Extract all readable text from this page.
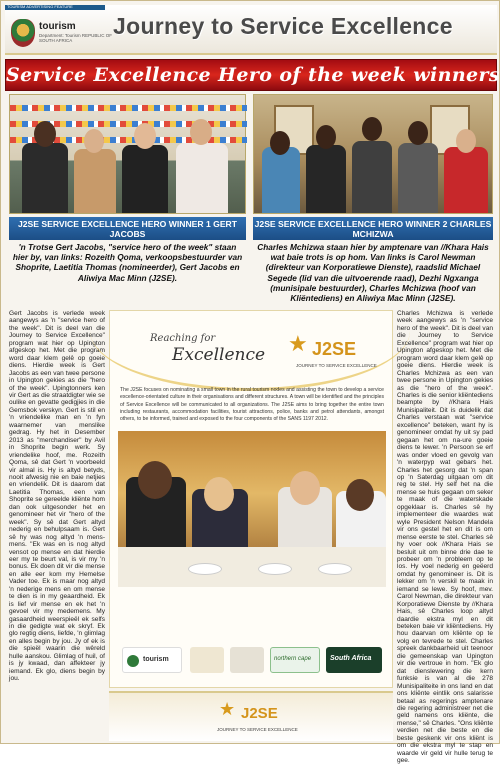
TOURISM ADVERTISING FEATURE
tourism
Department: Tourism REPUBLIC OF SOUTH AFRICA
Journey to Service Excellence
Service Excellence Hero of the week winners
J2SE SERVICE EXCELLENCE HERO WINNER 1 GERT JACOBS
J2SE SERVICE EXCELLENCE HERO WINNER 2 CHARLES MCHIZWA
'n Trotse Gert Jacobs, "service hero of the week" staan hier by, van links: Rozeith Qoma, verkoopsbestuurder van Shoprite, Laetitia Thomas (nomineerder), Gert Jacobs en Aliwiya Mac Minn (J2SE).
Charles Mchizwa staan hier by amptenare van //Khara Hais wat baie trots is op hom. Van links is Carol Newman (direkteur van Korporatiewe Dienste), raadslid Michael Segede (lid van die uitvoerende raad), Dezhi Ngxanga (munisipale bestuurder), Charles Mchizwa (hoof van Kliëntediens) en Aliwiya Mac Minn (J2SE).

Gert Jacobs is verlede week aangewys as 'n "service hero of the week". Dit is deel van die Journey to Service Excellence" program wat hier op Upington afgeskop het. Met die program word daar klem gelê op goeie diens. Hierdie week is Gert Jacobs as een van twee persone in Upington gekies as die "hero of the week". Upingtonners ken vir Gert as die straatdigter wie se oulike en gevatte gedigjies in die Gemsbok verskyn. Gert is stil en 'n vriendelike man en 'n fyn waarnemer van menslike gedrag. Hy het in Desember 2013 as "merchandiser" by Avil in Shoprite begin werk. Sy vriendelike hoof, me. Rozeith Qoma, sê dat Gert 'n voorbeeld vir almal is. Hy is altyd betyds, nooit afwesig nie en baie netjies en vriendelik. Dit is daarom dat Laetitia Thomas, een van Shoprite se gereelde kliënte hom dan ook uitgesonder het en genomineer het vir "hero of the week". Sy sê dat Gert altyd nederig en behulpsaam is. Gert sê hy was nog altyd 'n mens-mens. "Ek was en is nog altyd vensot op mense en dat hierdie eer my te beurt val, is vir my 'n bonus. Ek doen dit vir die mense en alle eer kom my Hemelse Vader toe. Ek is maar nog altyd 'n nederige mens en om mense te dien is in my geaardheid. Ek is lief vir mense en ek het 'n gevoel vir my medemens. My gasaardheid weerspieël ek selfs in die gedigte wat ek skryf. Ek glo regtig diens, liefde, 'n glimlag en alles begin by jou. Jy of ek is die spieël waarin die wêreld hulle aanskou. Glimlag of huil, of is jy kwaad, dan affekteer jy iemand. Ek glo, diens begin by jou.

Reaching for
Excellence ★ J2SE
JOURNEY TO SERVICE EXCELLENCE
The J2SE focuses on nominating a small town in the rural tourism nodes and assisting the town to develop a service excellence-orientated culture in their organisations and different structures. A town will be identified and the principles of Service Excellence will be communicated to all organizations. The J2SE aims to bring together the entire town including restaurants, accommodation facilities, tourist attractions, police, banks and petrol attendants, amongst others, to be informed, trained and exposed to the four components of the SANS 1197 2012.
tourism	northern cape	South Africa

Charles Mchizwa is verlede week aangewys as 'n "service hero of the week". Dit is deel van die Journey to Service Excellence" program wat hier op Upington afgeskop het. Met die program word daar klem gelê op goeie diens. Hierdie week is Charles Mchizwa as een van twee persone in Upington gekies as die "hero of the week". Charles is die senior kliëntediens beampte by //Khara Hais Munisipaliteit. Dit is duidelik dat Charles verstaan wat "service excellence" beteken, want hy is genomineer omdat hy uit sy pad gegaan het om na-ure goeie diens te lewer. 'n Persoon se erf was onder vloed en gevolg van 'n waterpyp wat gebars het. Charles het gesorg dat 'n span op 'n Saterdag uitgaan om dit reg te stel. Hy self het na die mense se huis gegaan om seker te maak of die waterskade opgeklaar is. Charles sê hy implementeer die waardes wat wyle President Nelson Mandela vir ons gestel het en dit is om mense eerste te stel. Charles sê hy voer ook //Khara Hais se besluit uit om binne drie dae te probeer om 'n probleem op te los. Hy voel nederig en geëerd omdat hy genomineer is. Dit is lekker om 'n verskil te maak in iemand se lewe. Sy hoof, mev. Carol Newman, die direkteur van Korporatiewe Dienste by //Khara Hais, sê Charles loop altyd daardie ekstra myl en dit beteken baie vir kliëntediens. Hy hou daarvan om kliënte op te volg en tevrede te stel. Charles spreek dankbaarheid uit teenoor die gemeenskap van Upington vir die vertroue in hom. "Ek glo dat dienslewering die kern funksie is van al die 278 Munisipaliteite in ons land en dat ons kliënte eintlik ons salarisse betaal as regerings amptenare die regering administreer net die geld namens ons kliënte, die mense," sê Charles. "Ons kliënte verdien net die beste en die beste geskenk vir ons kliënt is om die ekstra myl te stap en waarde vir geld vir hulle terug te gee.

★ J2SE
JOURNEY TO SERVICE EXCELLENCE
